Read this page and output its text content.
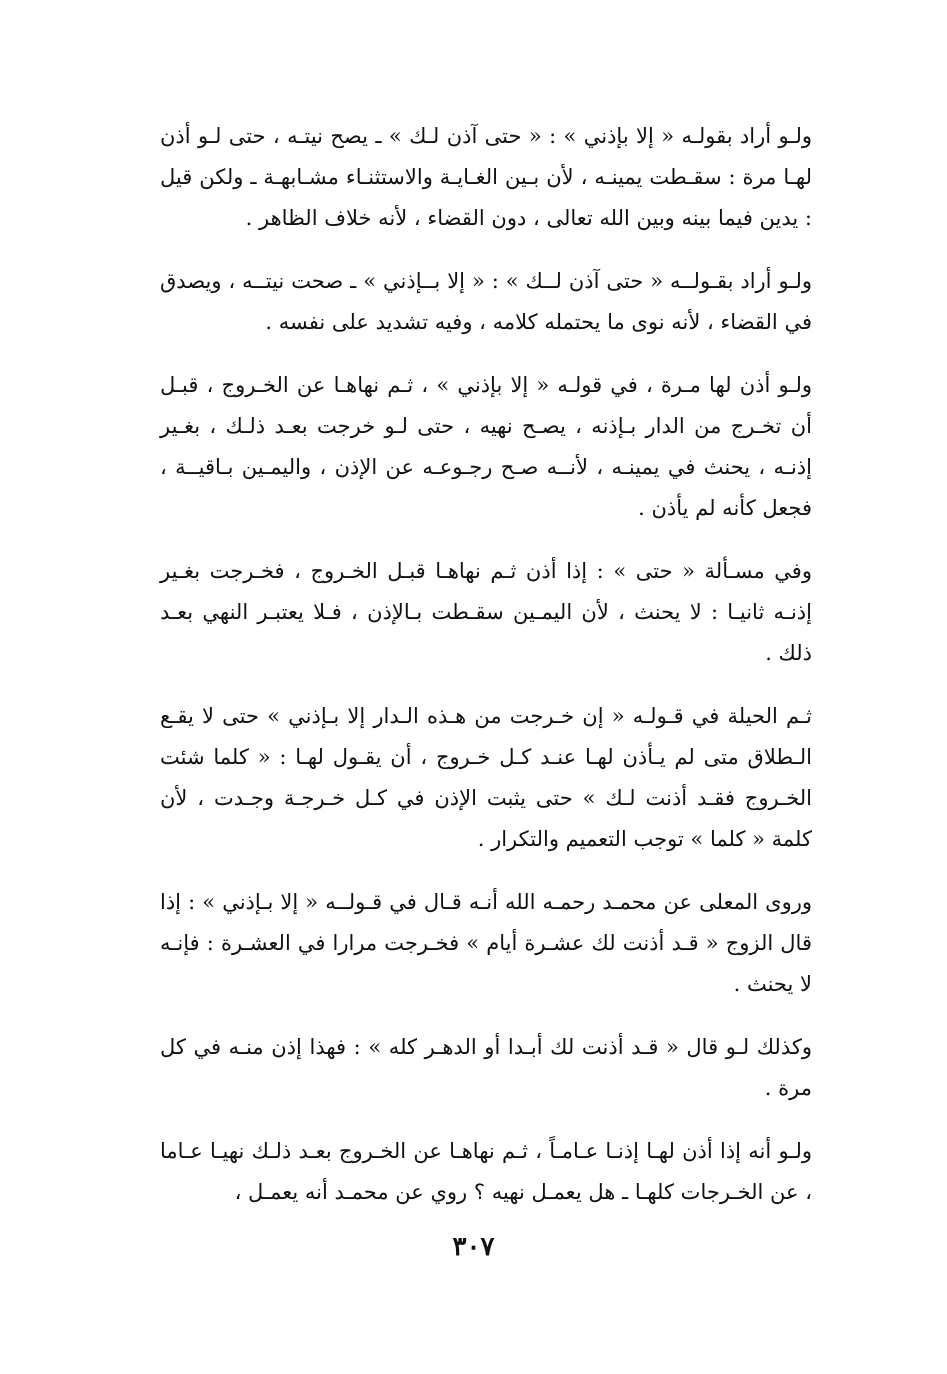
ولـو أراد بقولـه « إلا بإذني » : « حتى آذن لـك » ـ يصح نيتـه ، حتى لـو أذن لهـا مرة : سقـطت يمينـه ، لأن بـين الغـايـة والاستثنـاء مشـابهـة ـ ولكن قيل : يدين فيما بينه وبين الله تعالى ، دون القضاء ، لأنه خلاف الظاهر .

ولـو أراد بقـولــه « حتى آذن لــك » : « إلا بــإذني » ـ صحت نيتــه ، ويصدق في القضاء ، لأنه نوى ما يحتمله كلامه ، وفيه تشديد على نفسه .

ولـو أذن لها مـرة ، في قولـه « إلا بإذني » ، ثـم نهاهـا عن الخـروج ، قبـل أن تخـرج من الدار بـإذنه ، يصـح نهيه ، حتى لـو خرجت بعـد ذلـك ، بغـير إذنـه ، يحنث في يمينـه ، لأنــه صـح رجـوعـه عن الإذن ، واليمـين بـاقيــة ، فجعل كأنه لم يأذن .

وفي مسـألة « حتى » : إذا أذن ثـم نهاهـا قبـل الخـروج ، فخـرجت بغـير إذنـه ثانيـا : لا يحنث ، لأن اليمـين سقـطت بـالإذن ، فـلا يعتبـر النهي بعـد ذلك .

ثـم الحيلة في قـولـه « إن خـرجت من هـذه الـدار إلا بـإذني » حتى لا يقـع الـطلاق متى لم يـأذن لهـا عنـد كـل خـروج ، أن يقـول لهـا : « كلما شئت الخـروج فقـد أذنت لـك » حتى يثبت الإذن في كـل خـرجـة وجـدت ، لأن كلمة « كلما » توجب التعميم والتكرار .

وروى المعلى عن محمـد رحمـه الله أنـه قـال في قـولــه « إلا بـإذني » : إذا قال الزوج « قـد أذنت لك عشـرة أيام » فخـرجت مرارا في العشـرة : فإنـه لا يحنث .

وكذلك لـو قال « قـد أذنت لك أبـدا أو الدهـر كله » : فهذا إذن منـه في كل مرة .

ولـو أنه إذا أذن لهـا إذنـا عـامـاً ، ثـم نهاهـا عن الخـروج بعـد ذلـك نهيـا عـاما ، عن الخـرجات كلهـا ـ هل يعمـل نهيه ؟ روي عن محمـد أنه يعمـل ،

٣٠٧
